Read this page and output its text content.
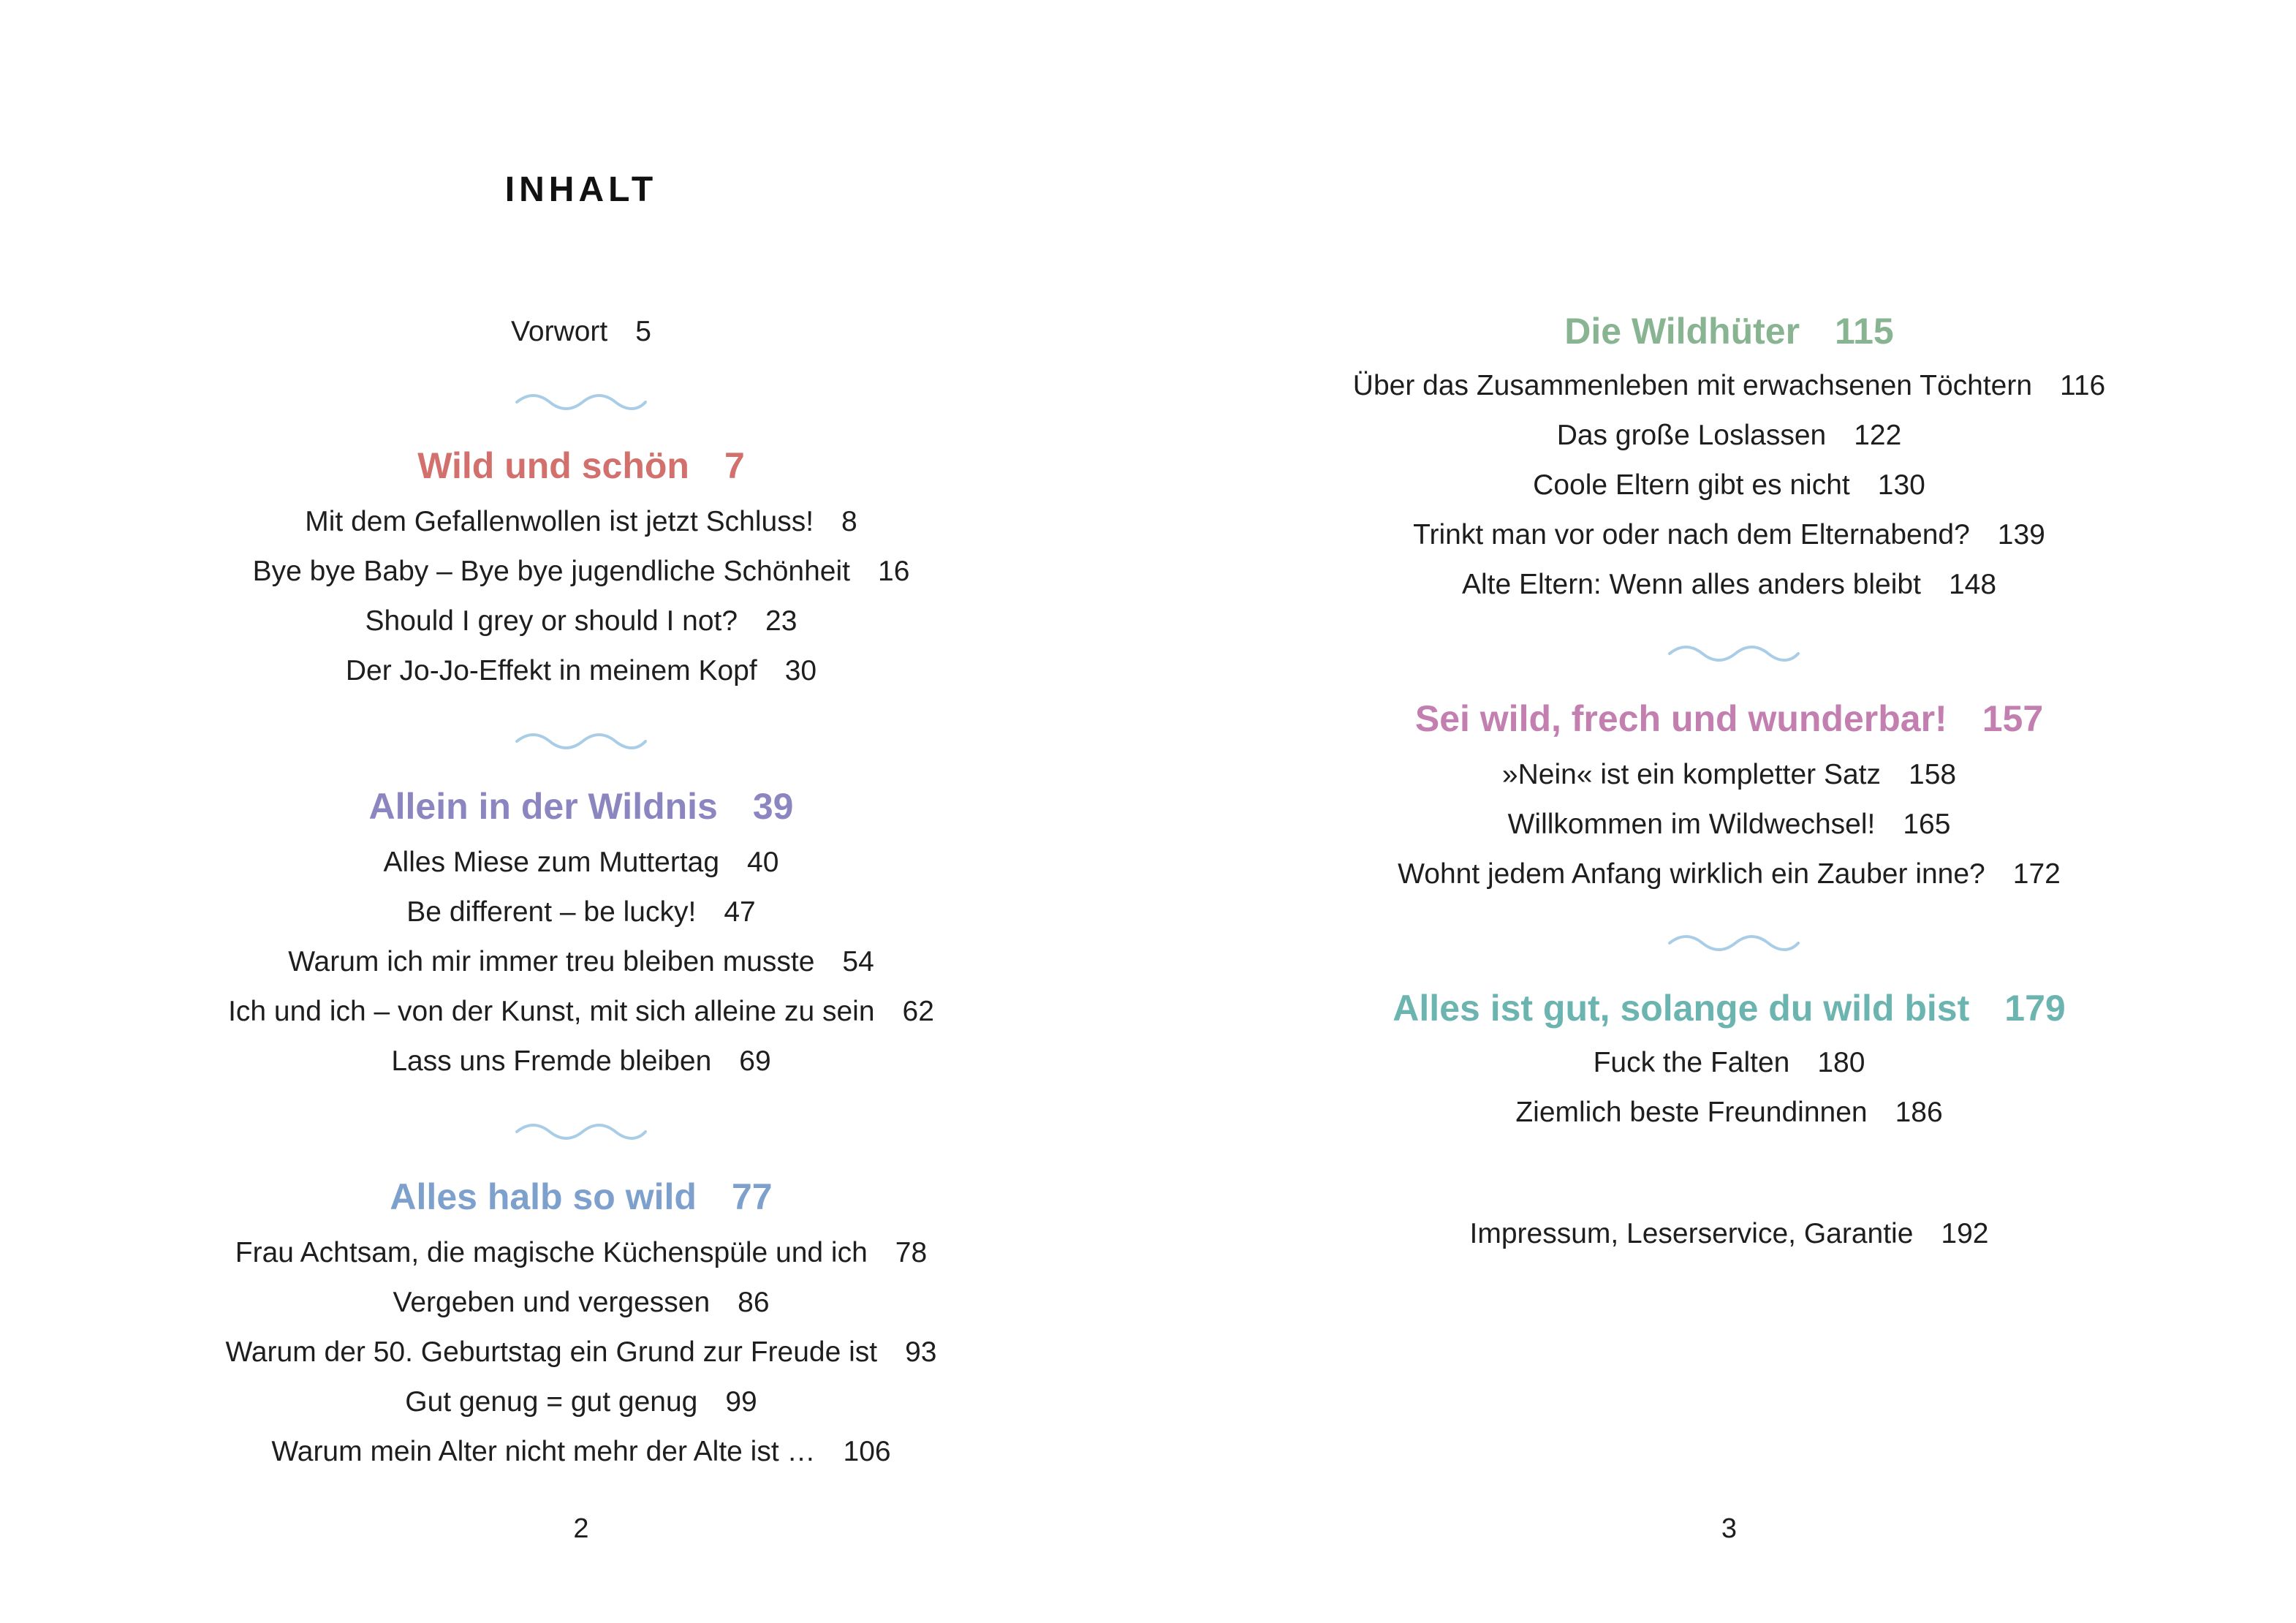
INHALT
Vorwort 5
Wild und schön 7
Mit dem Gefallenwollen ist jetzt Schluss! 8
Bye bye Baby – Bye bye jugendliche Schönheit 16
Should I grey or should I not? 23
Der Jo-Jo-Effekt in meinem Kopf 30
Allein in der Wildnis 39
Alles Miese zum Muttertag 40
Be different – be lucky! 47
Warum ich mir immer treu bleiben musste 54
Ich und ich – von der Kunst, mit sich alleine zu sein 62
Lass uns Fremde bleiben 69
Alles halb so wild 77
Frau Achtsam, die magische Küchenspüle und ich 78
Vergeben und vergessen 86
Warum der 50. Geburtstag ein Grund zur Freude ist 93
Gut genug = gut genug 99
Warum mein Alter nicht mehr der Alte ist … 106
2
Die Wildhüter 115
Über das Zusammenleben mit erwachsenen Töchtern 116
Das große Loslassen 122
Coole Eltern gibt es nicht 130
Trinkt man vor oder nach dem Elternabend? 139
Alte Eltern: Wenn alles anders bleibt 148
Sei wild, frech und wunderbar! 157
»Nein« ist ein kompletter Satz 158
Willkommen im Wildwechsel! 165
Wohnt jedem Anfang wirklich ein Zauber inne? 172
Alles ist gut, solange du wild bist 179
Fuck the Falten 180
Ziemlich beste Freundinnen 186
Impressum, Leserservice, Garantie 192
3
